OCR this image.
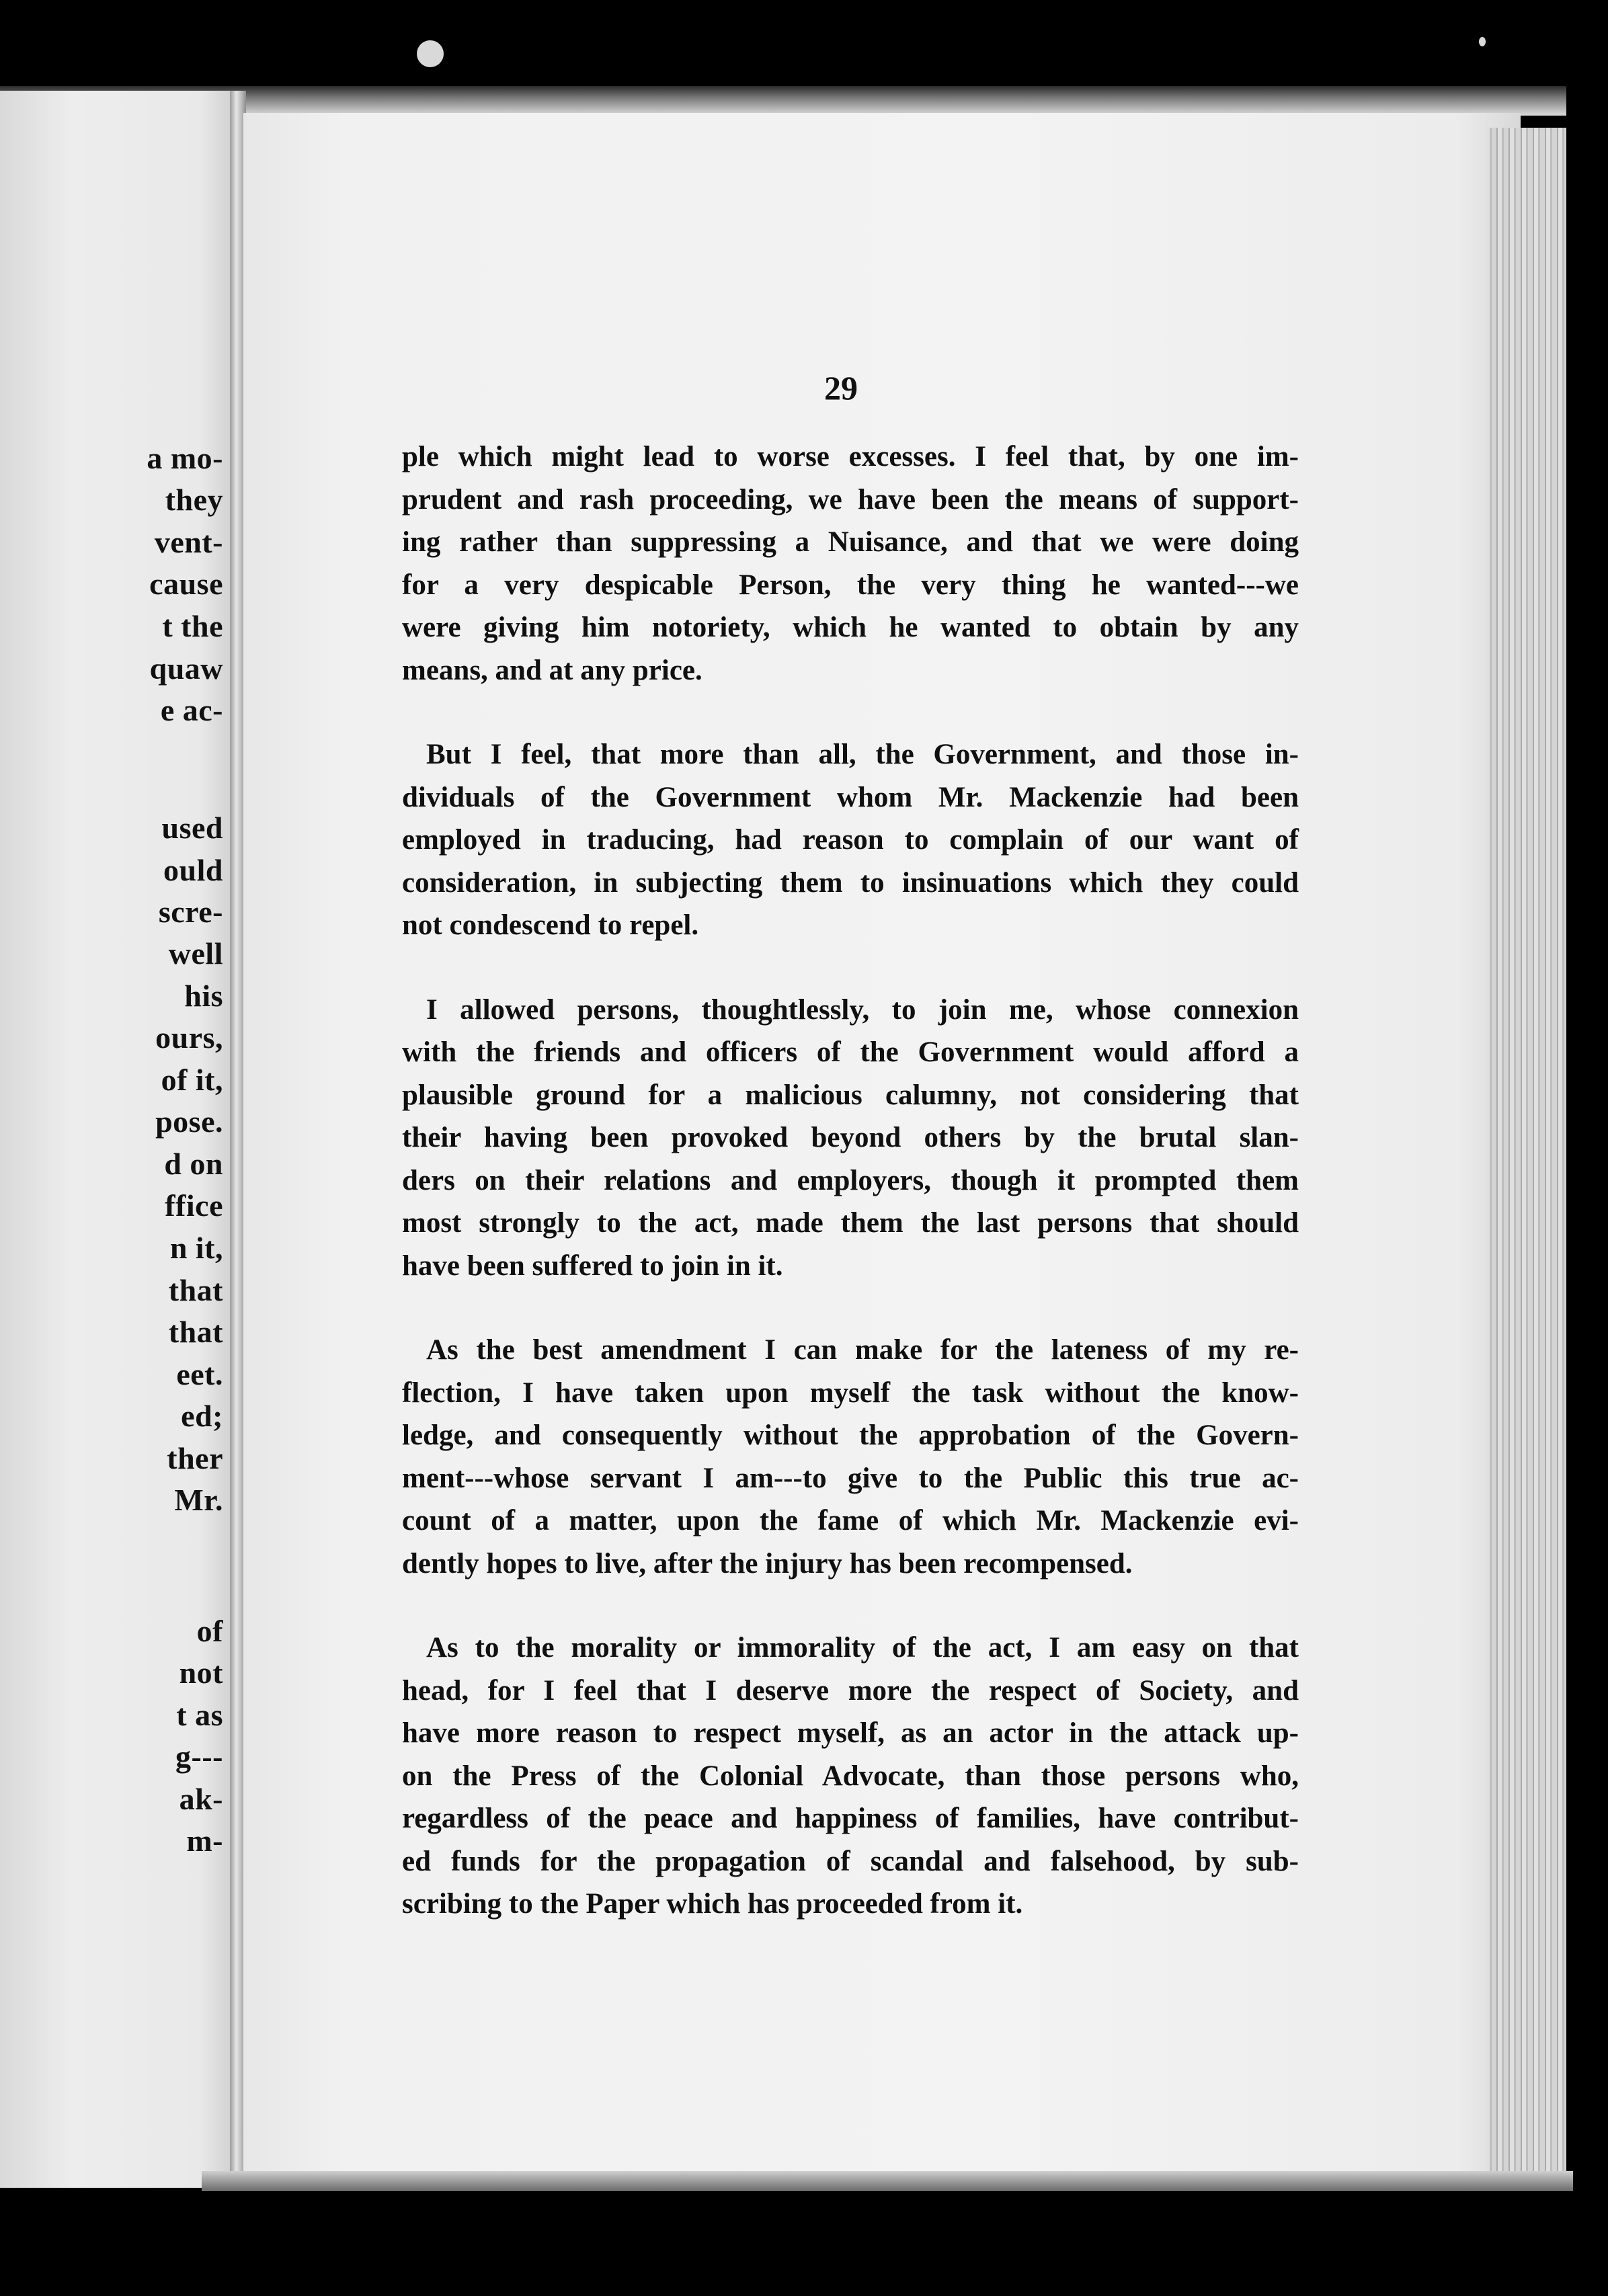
a mo-
they
vent-
cause
t the
quaw
e ac-
used
ould
scre-
well
his
ours,
of it,
pose.
d on
ffice
n it,
that
that
eet.
ed;
ther
Mr.
of
not
t as
g---
ak-
m-
29
ple which might lead to worse excesses. I feel that, by one im-
prudent and rash proceeding, we have been the means of support-
ing rather than suppressing a Nuisance, and that we were doing
for a very despicable Person, the very thing he wanted---we
were giving him notoriety, which he wanted to obtain by any
means, and at any price.
But I feel, that more than all, the Government, and those in-
dividuals of the Government whom Mr. Mackenzie had been
employed in traducing, had reason to complain of our want of
consideration, in subjecting them to insinuations which they could
not condescend to repel.
I allowed persons, thoughtlessly, to join me, whose connexion
with the friends and officers of the Government would afford a
plausible ground for a malicious calumny, not considering that
their having been provoked beyond others by the brutal slan-
ders on their relations and employers, though it prompted them
most strongly to the act, made them the last persons that should
have been suffered to join in it.
As the best amendment I can make for the lateness of my re-
flection, I have taken upon myself the task without the know-
ledge, and consequently without the approbation of the Govern-
ment---whose servant I am---to give to the Public this true ac-
count of a matter, upon the fame of which Mr. Mackenzie evi-
dently hopes to live, after the injury has been recompensed.
As to the morality or immorality of the act, I am easy on that
head, for I feel that I deserve more the respect of Society, and
have more reason to respect myself, as an actor in the attack up-
on the Press of the Colonial Advocate, than those persons who,
regardless of the peace and happiness of families, have contribut-
ed funds for the propagation of scandal and falsehood, by sub-
scribing to the Paper which has proceeded from it.
